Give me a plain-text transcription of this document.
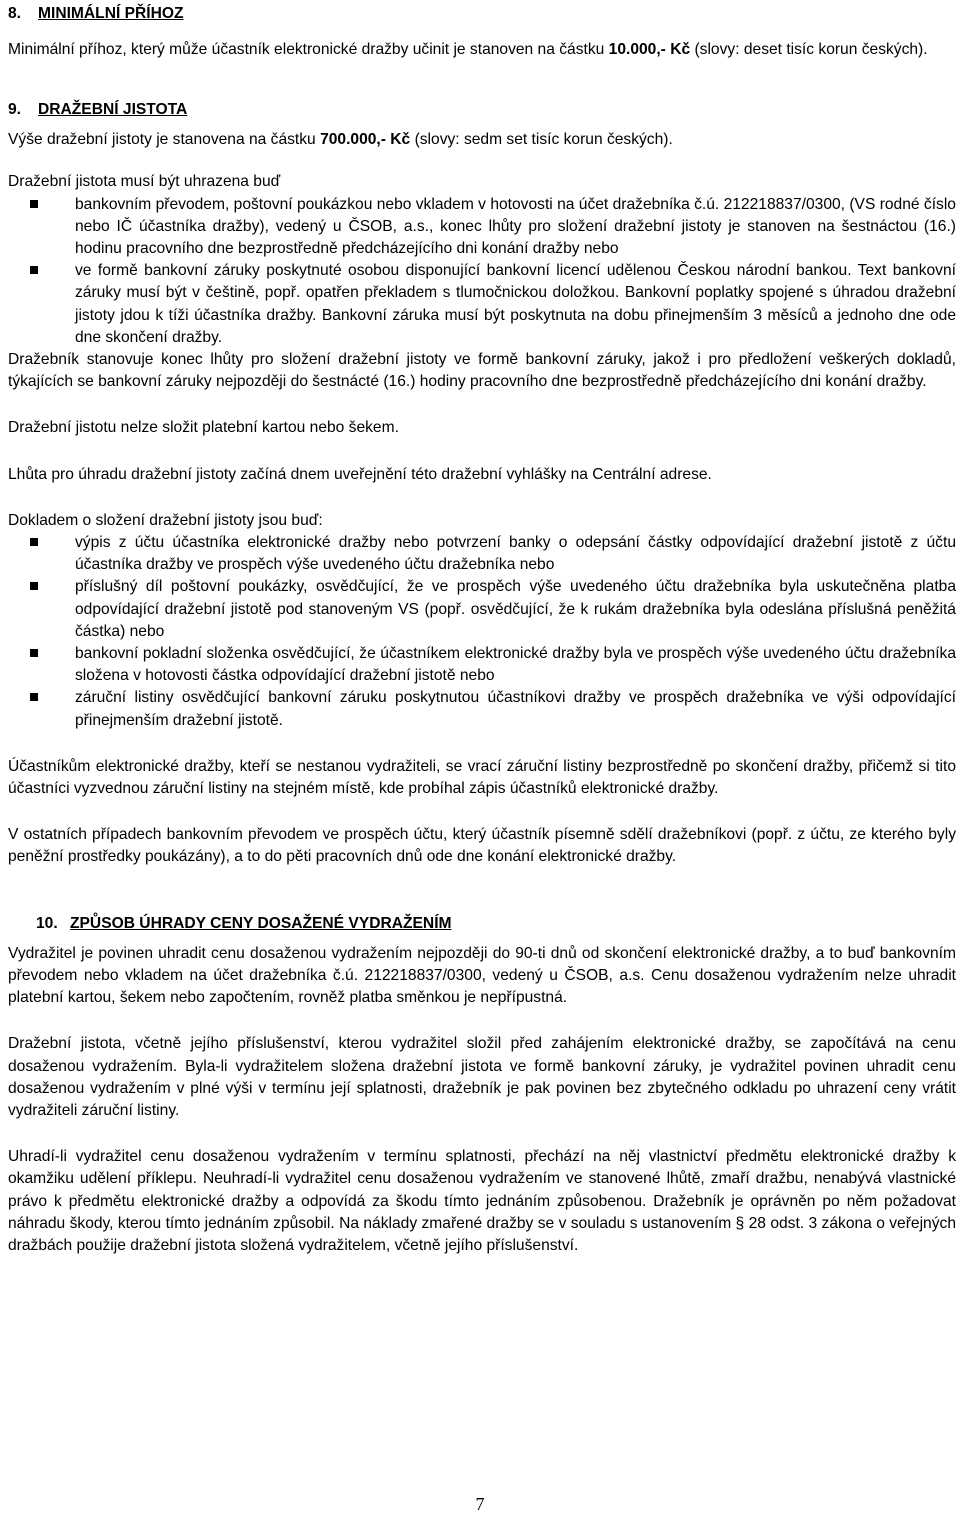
8. MINIMÁLNÍ PŘÍHOZ

Minimální příhoz, který může účastník elektronické dražby učinit je stanoven na částku 10.000,- Kč (slovy: deset tisíc korun českých).

9. DRAŽEBNÍ JISTOTA

Výše dražební jistoty je stanovena na částku 700.000,- Kč (slovy: sedm set tisíc korun českých).

Dražební jistota musí být uhrazena buď

bankovním převodem, poštovní poukázkou nebo vkladem v hotovosti na účet dražebníka č.ú. 212218837/0300, (VS rodné číslo nebo IČ účastníka dražby), vedený u ČSOB, a.s., konec lhůty pro složení dražební jistoty je stanoven na šestnáctou (16.) hodinu pracovního dne bezprostředně předcházejícího dni konání dražby nebo
ve formě bankovní záruky poskytnuté osobou disponující bankovní licencí udělenou Českou národní bankou. Text bankovní záruky musí být v češtině, popř. opatřen překladem s tlumočnickou doložkou. Bankovní poplatky spojené s úhradou dražební jistoty jdou k tíži účastníka dražby. Bankovní záruka musí být poskytnuta na dobu přinejmenším 3 měsíců a jednoho dne ode dne skončení dražby.

Dražebník stanovuje konec lhůty pro složení dražební jistoty ve formě bankovní záruky, jakož i pro předložení veškerých dokladů, týkajících se bankovní záruky nejpozději do šestnácté (16.) hodiny pracovního dne bezprostředně předcházejícího dni konání dražby.

Dražební jistotu nelze složit platební kartou nebo šekem.

Lhůta pro úhradu dražební jistoty začíná dnem uveřejnění této dražební vyhlášky na Centrální adrese.

Dokladem o složení dražební jistoty jsou buď:

výpis z účtu účastníka elektronické dražby nebo potvrzení banky o odepsání částky odpovídající dražební jistotě z účtu účastníka dražby ve prospěch výše uvedeného účtu dražebníka nebo
příslušný díl poštovní poukázky, osvědčující, že ve prospěch výše uvedeného účtu dražebníka byla uskutečněna platba odpovídající dražební jistotě pod stanoveným VS (popř. osvědčující, že k rukám dražebníka byla odeslána příslušná peněžitá částka) nebo
bankovní pokladní složenka osvědčující, že účastníkem elektronické dražby byla ve prospěch výše uvedeného účtu dražebníka složena v hotovosti částka odpovídající dražební jistotě nebo
záruční listiny osvědčující bankovní záruku poskytnutou účastníkovi dražby ve prospěch dražebníka ve výši odpovídající přinejmenším dražební jistotě.

Účastníkům elektronické dražby, kteří se nestanou vydražiteli, se vrací záruční listiny bezprostředně po skončení dražby, přičemž si tito účastníci vyzvednou záruční listiny na stejném místě, kde probíhal zápis účastníků elektronické dražby.

V ostatních případech bankovním převodem ve prospěch účtu, který účastník písemně sdělí dražebníkovi (popř. z účtu, ze kterého byly peněžní prostředky poukázány), a to do pěti pracovních dnů ode dne konání elektronické dražby.

10. ZPŮSOB ÚHRADY CENY DOSAŽENÉ VYDRAŽENÍM

Vydražitel je povinen uhradit cenu dosaženou vydražením nejpozději do 90-ti dnů od skončení elektronické dražby, a to buď bankovním převodem nebo vkladem na účet dražebníka č.ú. 212218837/0300, vedený u ČSOB, a.s. Cenu dosaženou vydražením nelze uhradit platební kartou, šekem nebo započtením, rovněž platba směnkou je nepřípustná.

Dražební jistota, včetně jejího příslušenství, kterou vydražitel složil před zahájením elektronické dražby, se započítává na cenu dosaženou vydražením. Byla-li vydražitelem složena dražební jistota ve formě bankovní záruky, je vydražitel povinen uhradit cenu dosaženou vydražením v plné výši v termínu její splatnosti, dražebník je pak povinen bez zbytečného odkladu po uhrazení ceny vrátit vydražiteli záruční listiny.

Uhradí-li vydražitel cenu dosaženou vydražením v termínu splatnosti, přechází na něj vlastnictví předmětu elektronické dražby k okamžiku udělení příklepu. Neuhradí-li vydražitel cenu dosaženou vydražením ve stanovené lhůtě, zmaří dražbu, nenabývá vlastnické právo k předmětu elektronické dražby a odpovídá za škodu tímto jednáním způsobenou. Dražebník je oprávněn po něm požadovat náhradu škody, kterou tímto jednáním způsobil. Na náklady zmařené dražby se v souladu s ustanovením § 28 odst. 3 zákona o veřejných dražbách použije dražební jistota složená vydražitelem, včetně jejího příslušenství.

7
